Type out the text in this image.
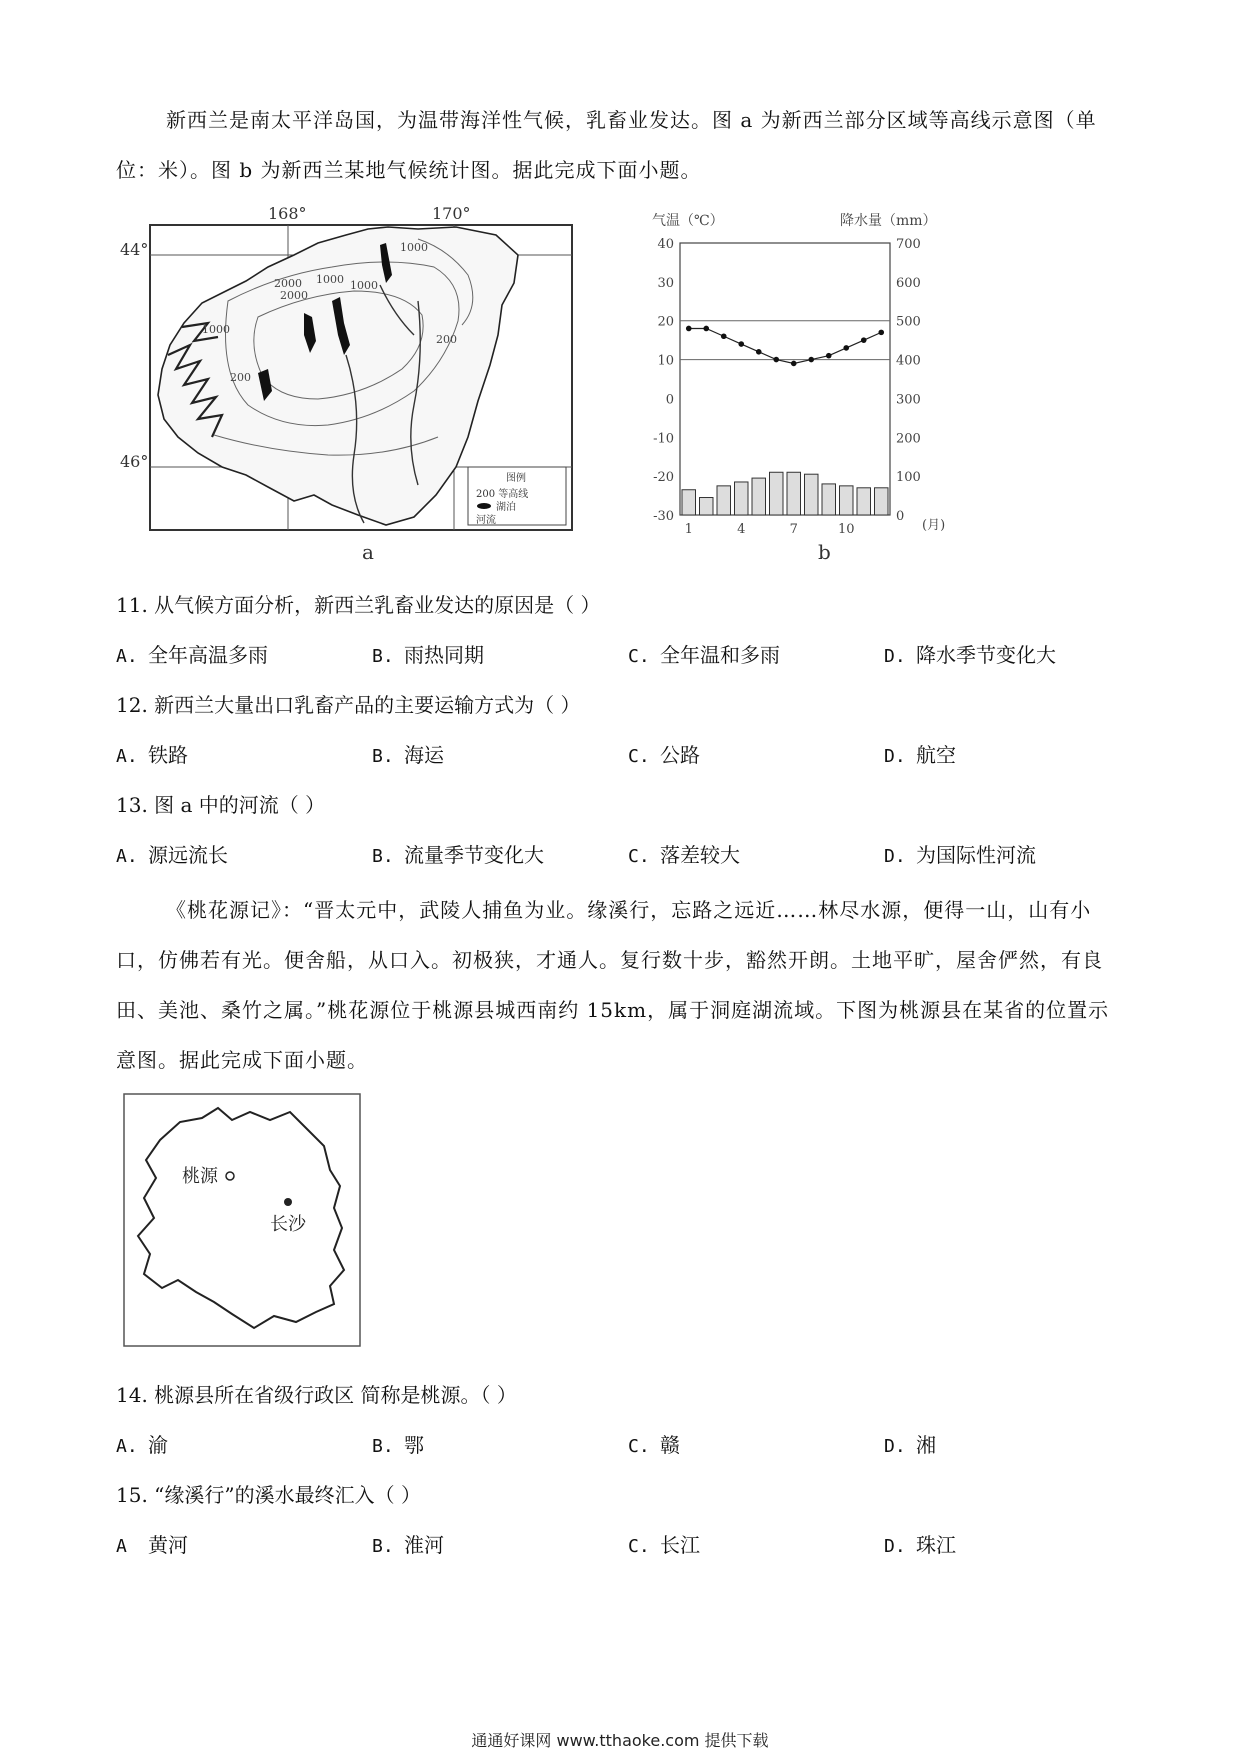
新西兰是南太平洋岛国，为温带海洋性气候，乳畜业发达。图 a 为新西兰部分区域等高线示意图（单位：米）。图 b 为新西兰某地气候统计图。据此完成下面小题。

168°	170°
44°
46°
1000
2000	1000
1000
200
2000
1000
200
图例
200 等高线
湖泊
河流
a
气温（℃）	降水量（mm）
40	700
30	600
20	500
10	400
0	300
-10	200
-20	100
-30	0
1	4	7	10	(月)
b

11. 从气候方面分析，新西兰乳畜业发达的原因是（ ）

A. 全年高温多雨	B. 雨热同期	C. 全年温和多雨	D. 降水季节变化大

12. 新西兰大量出口乳畜产品的主要运输方式为（ ）

A. 铁路	B. 海运	C. 公路	D. 航空

13. 图 a 中的河流（ ）

A. 源远流长	B. 流量季节变化大	C. 落差较大	D. 为国际性河流

《桃花源记》：“晋太元中，武陵人捕鱼为业。缘溪行，忘路之远近……林尽水源，便得一山，山有小口，仿佛若有光。便舍船，从口入。初极狭，才通人。复行数十步，豁然开朗。土地平旷，屋舍俨然，有良田、美池、桑竹之属。”桃花源位于桃源县城西南约 15km，属于洞庭湖流域。下图为桃源县在某省的位置示意图。据此完成下面小题。

桃源
长沙

14. 桃源县所在省级行政区 简称是桃源。（ ）

A. 渝	B. 鄂	C. 赣	D. 湘

15. “缘溪行”的溪水最终汇入（ ）

A 黄河	B. 淮河	C. 长江	D. 珠江
通通好课网 www.tthaoke.com 提供下载
